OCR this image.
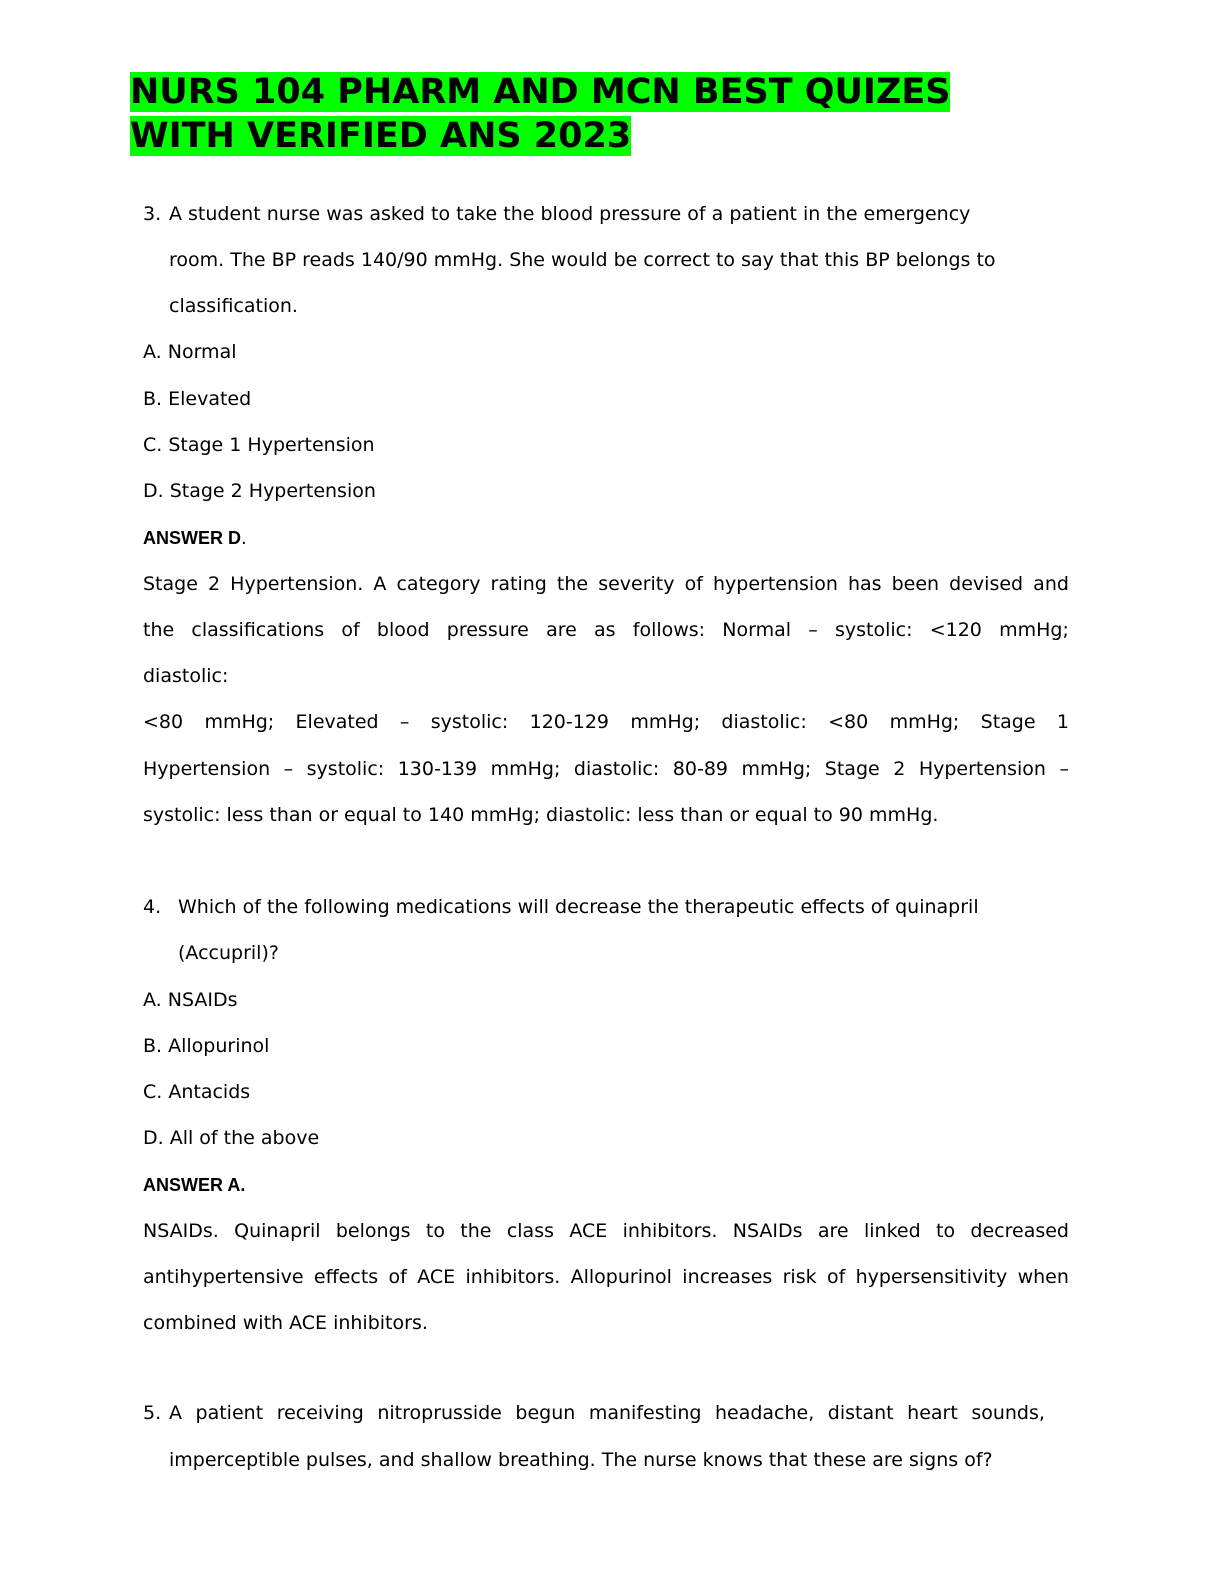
NURS 104 PHARM AND MCN BEST QUIZES
WITH VERIFIED ANS 2023
3. A student nurse was asked to take the blood pressure of a patient in the emergency
room. The BP reads 140/90 mmHg. She would be correct to say that this BP belongs to
classification.
A. Normal
B. Elevated
C. Stage 1 Hypertension
D. Stage 2 Hypertension
ANSWER D.
Stage 2 Hypertension. A category rating the severity of hypertension has been devised and
the classifications of blood pressure are as follows: Normal – systolic: <120 mmHg;
diastolic:
<80 mmHg; Elevated – systolic: 120-129 mmHg; diastolic: <80 mmHg; Stage 1
Hypertension – systolic: 130-139 mmHg; diastolic: 80-89 mmHg; Stage 2 Hypertension –
systolic: less than or equal to 140 mmHg; diastolic: less than or equal to 90 mmHg.
4. Which of the following medications will decrease the therapeutic effects of quinapril
(Accupril)?
A. NSAIDs
B. Allopurinol
C. Antacids
D. All of the above
ANSWER A.
NSAIDs. Quinapril belongs to the class ACE inhibitors. NSAIDs are linked to decreased
antihypertensive effects of ACE inhibitors. Allopurinol increases risk of hypersensitivity when
combined with ACE inhibitors.
5. A patient receiving nitroprusside begun manifesting headache, distant heart sounds,
imperceptible pulses, and shallow breathing. The nurse knows that these are signs of?
